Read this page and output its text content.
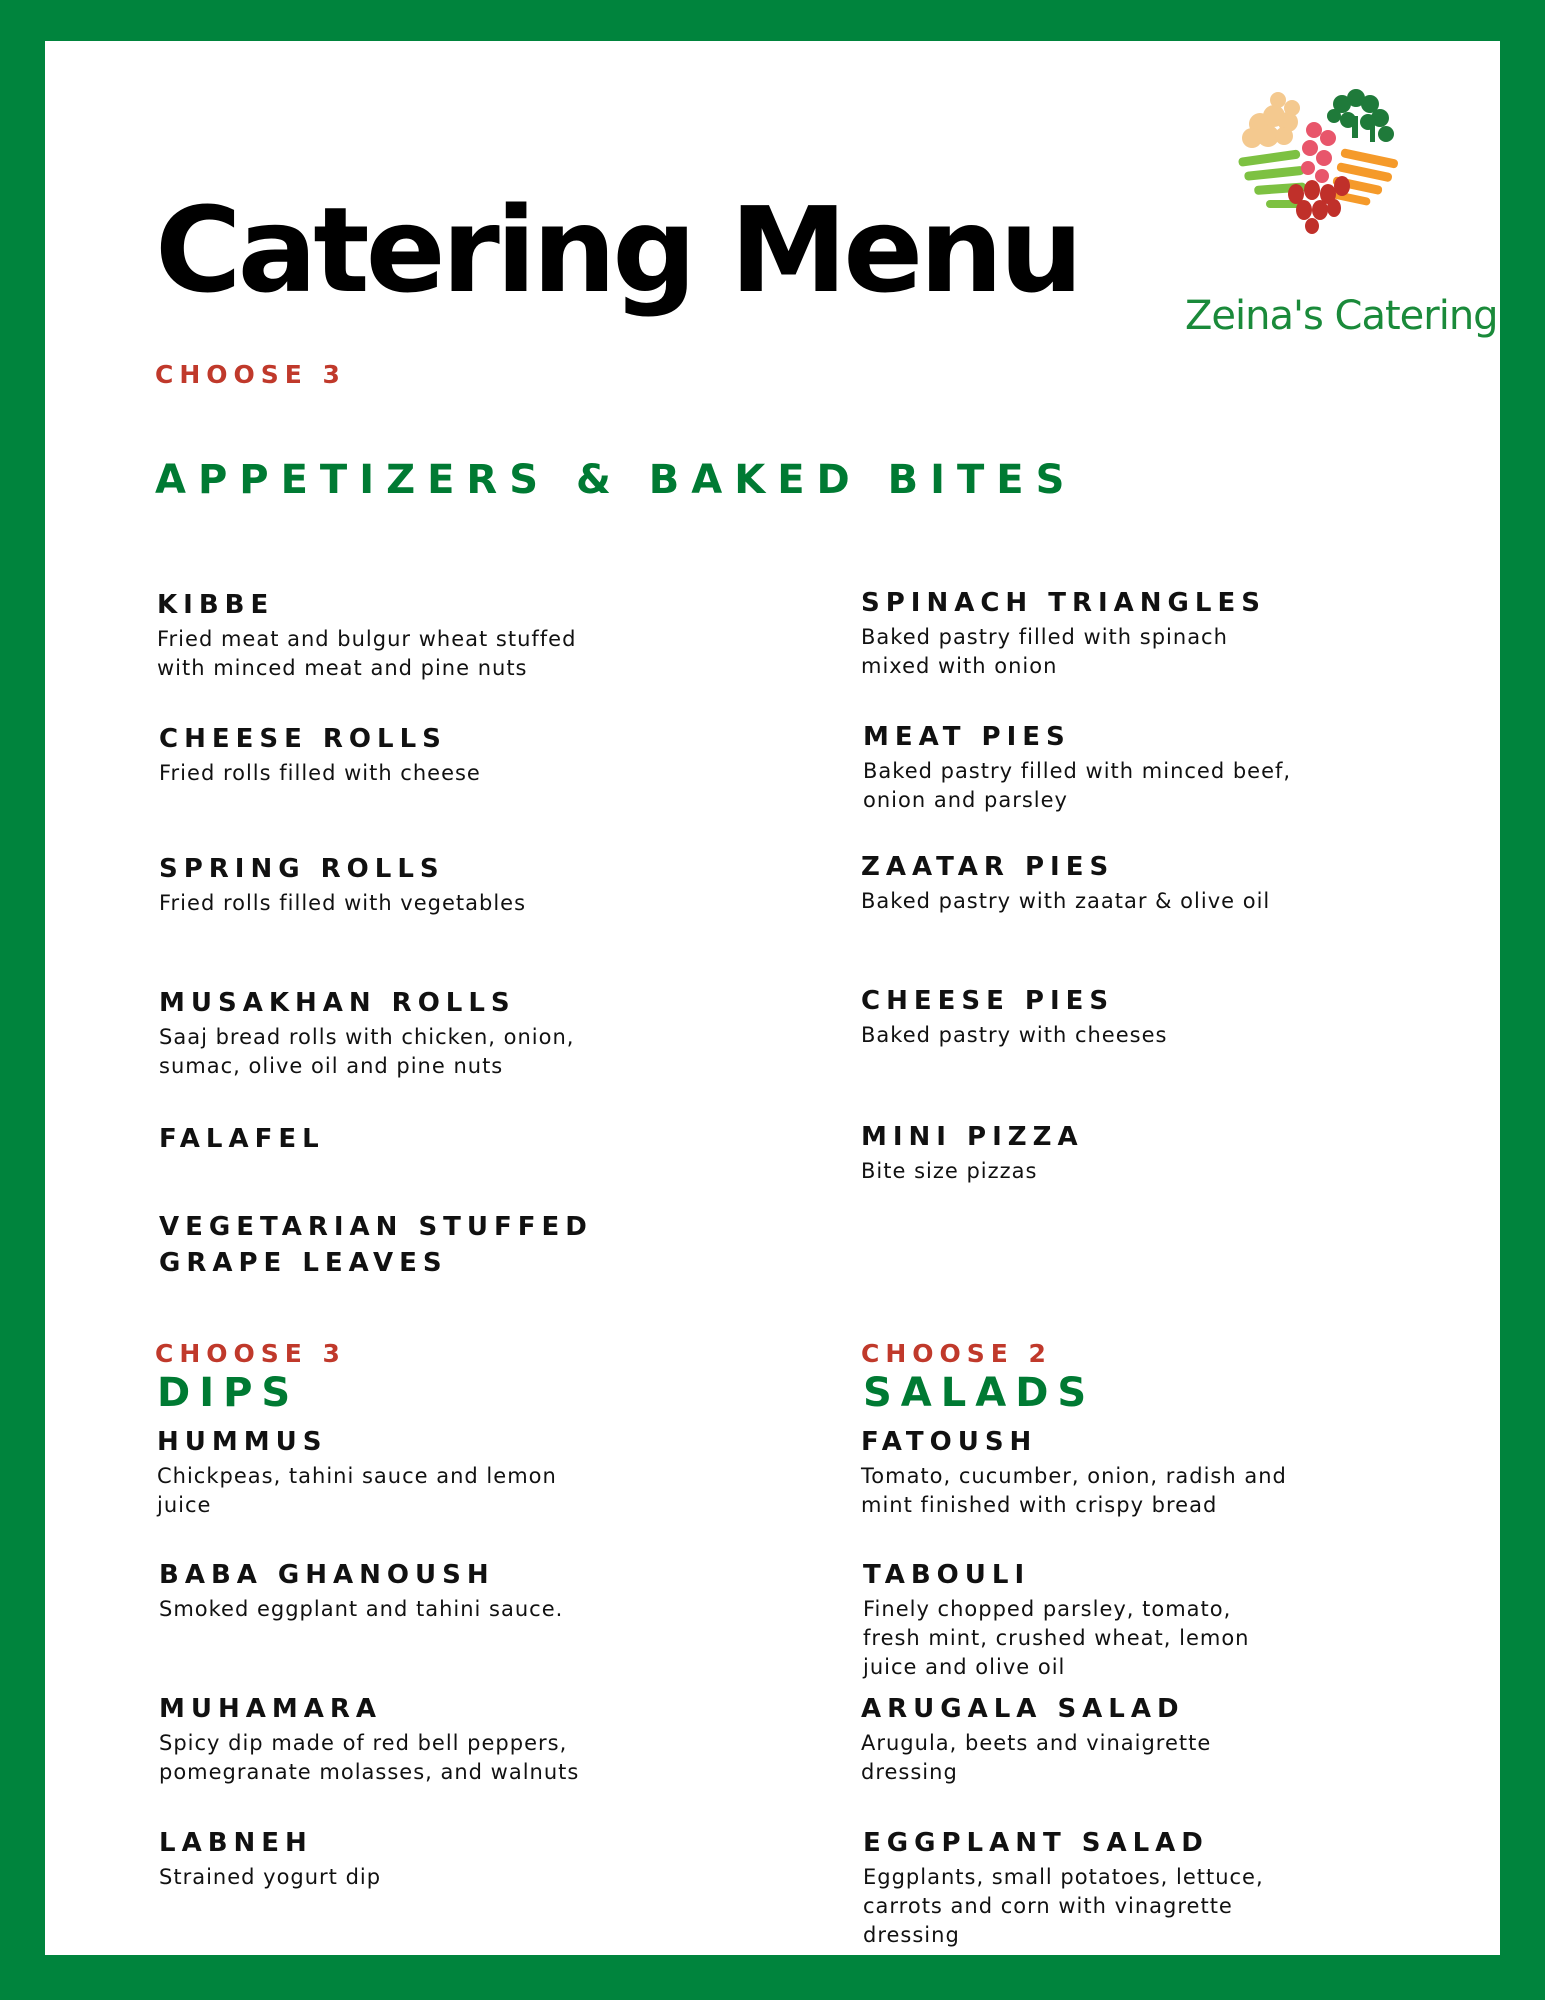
Catering Menu	Zeina's Catering
CHOOSE 3
APPETIZERS & BAKED BITES
KIBBE
Fried meat and bulgur wheat stuffed with minced meat and pine nuts
CHEESE ROLLS
Fried rolls filled with cheese
SPRING ROLLS
Fried rolls filled with vegetables
MUSAKHAN ROLLS
Saaj bread rolls with chicken, onion, sumac, olive oil and pine nuts
FALAFEL
VEGETARIAN STUFFED GRAPE LEAVES
SPINACH TRIANGLES
Baked pastry filled with spinach mixed with onion
MEAT PIES
Baked pastry filled with minced beef, onion and parsley
ZAATAR PIES
Baked pastry with zaatar & olive oil
CHEESE PIES
Baked pastry with cheeses
MINI PIZZA
Bite size pizzas
CHOOSE 3
DIPS
HUMMUS
Chickpeas, tahini sauce and lemon juice
BABA GHANOUSH
Smoked eggplant and tahini sauce.
MUHAMARA
Spicy dip made of red bell peppers, pomegranate molasses, and walnuts
LABNEH
Strained yogurt dip
CHOOSE 2
SALADS
FATOUSH
Tomato, cucumber, onion, radish and mint finished with crispy bread
TABOULI
Finely chopped parsley, tomato, fresh mint, crushed wheat, lemon juice and olive oil
ARUGALA SALAD
Arugula, beets and vinaigrette dressing
EGGPLANT SALAD
Eggplants, small potatoes, lettuce, carrots and corn with vinagrette dressing
